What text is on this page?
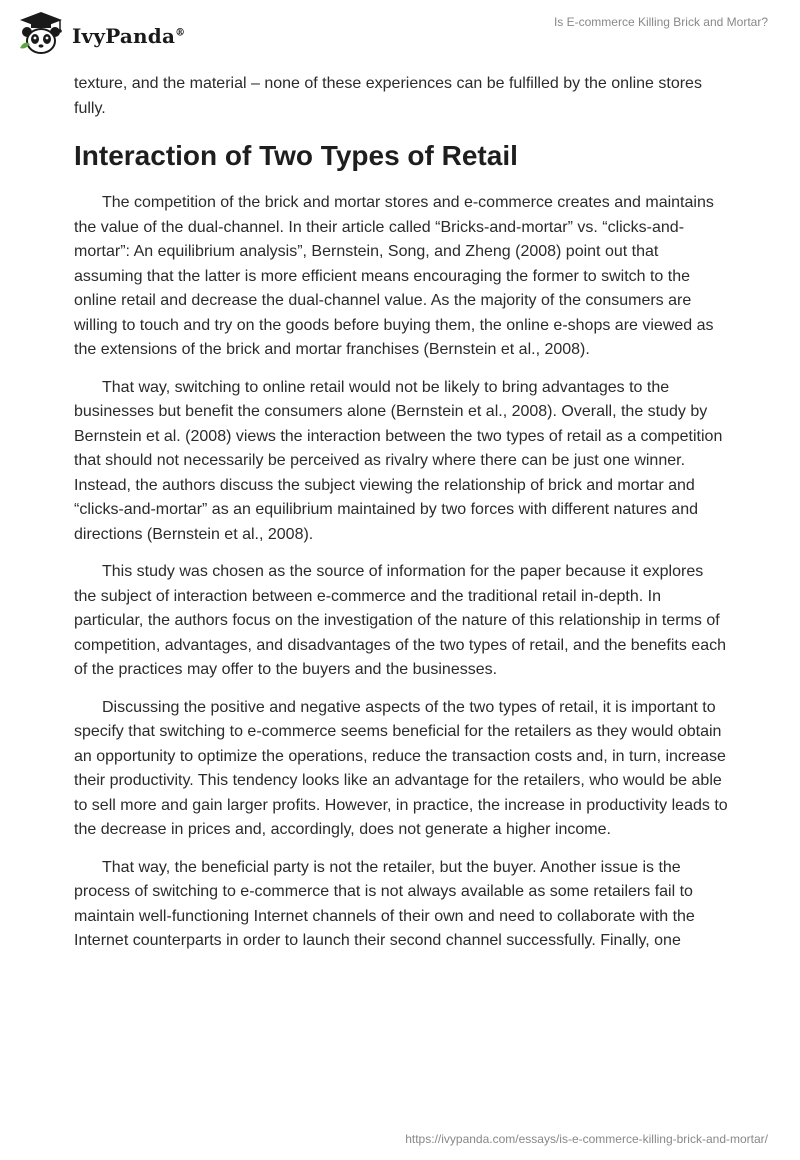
IvyPanda®
Is E-commerce Killing Brick and Mortar?

texture, and the material – none of these experiences can be fulfilled by the online stores fully.

Interaction of Two Types of Retail

The competition of the brick and mortar stores and e-commerce creates and maintains the value of the dual-channel. In their article called “Bricks-and-mortar” vs. “clicks-and-mortar”: An equilibrium analysis”, Bernstein, Song, and Zheng (2008) point out that assuming that the latter is more efficient means encouraging the former to switch to the online retail and decrease the dual-channel value. As the majority of the consumers are willing to touch and try on the goods before buying them, the online e-shops are viewed as the extensions of the brick and mortar franchises (Bernstein et al., 2008).

That way, switching to online retail would not be likely to bring advantages to the businesses but benefit the consumers alone (Bernstein et al., 2008). Overall, the study by Bernstein et al. (2008) views the interaction between the two types of retail as a competition that should not necessarily be perceived as rivalry where there can be just one winner. Instead, the authors discuss the subject viewing the relationship of brick and mortar and “clicks-and-mortar” as an equilibrium maintained by two forces with different natures and directions (Bernstein et al., 2008).

This study was chosen as the source of information for the paper because it explores the subject of interaction between e-commerce and the traditional retail in-depth. In particular, the authors focus on the investigation of the nature of this relationship in terms of competition, advantages, and disadvantages of the two types of retail, and the benefits each of the practices may offer to the buyers and the businesses.

Discussing the positive and negative aspects of the two types of retail, it is important to specify that switching to e-commerce seems beneficial for the retailers as they would obtain an opportunity to optimize the operations, reduce the transaction costs and, in turn, increase their productivity. This tendency looks like an advantage for the retailers, who would be able to sell more and gain larger profits. However, in practice, the increase in productivity leads to the decrease in prices and, accordingly, does not generate a higher income.

That way, the beneficial party is not the retailer, but the buyer. Another issue is the process of switching to e-commerce that is not always available as some retailers fail to maintain well-functioning Internet channels of their own and need to collaborate with the Internet counterparts in order to launch their second channel successfully. Finally, one

https://ivypanda.com/essays/is-e-commerce-killing-brick-and-mortar/
